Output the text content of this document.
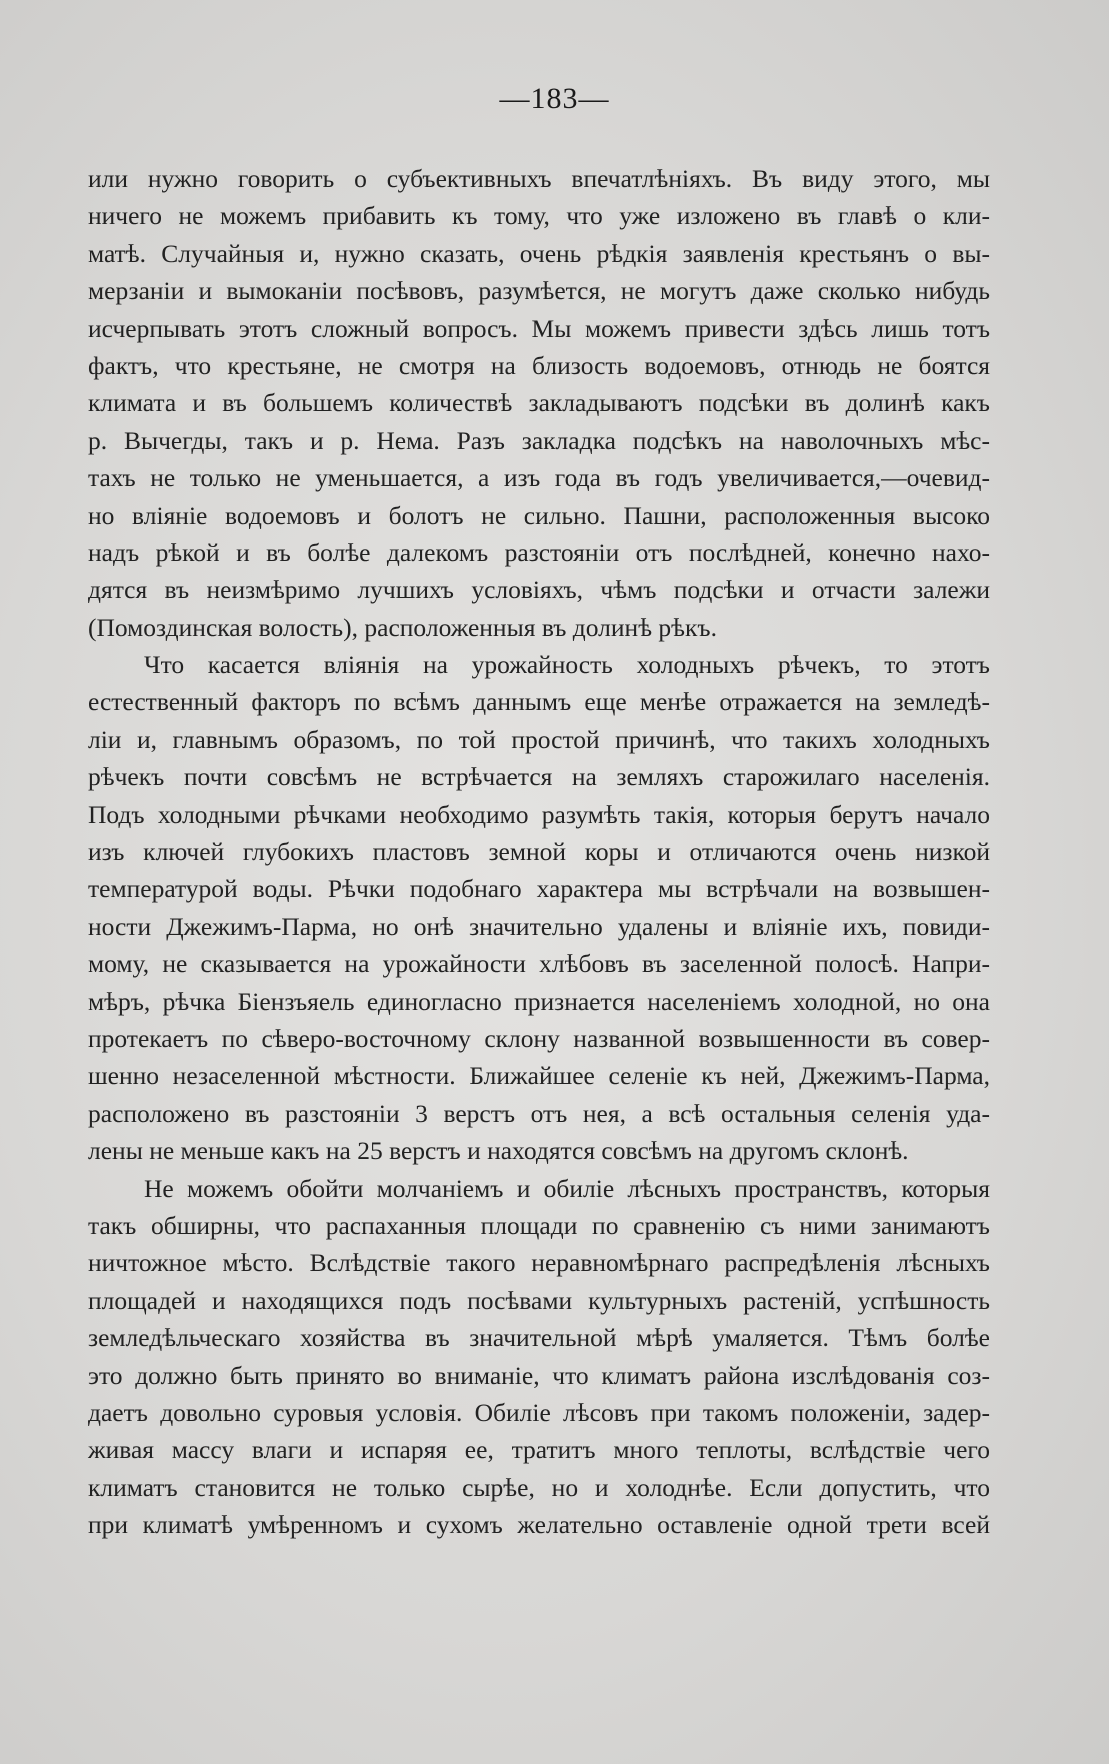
—183—
или нужно говорить о субъективныхъ впечатлѣніяхъ. Въ виду этого, мы
ничего не можемъ прибавить къ тому, что уже изложено въ главѣ о кли-
матѣ. Случайныя и, нужно сказать, очень рѣдкія заявленія крестьянъ о вы-
мерзаніи и вымоканіи посѣвовъ, разумѣется, не могутъ даже сколько нибудь
исчерпывать этотъ сложный вопросъ. Мы можемъ привести здѣсь лишь тотъ
фактъ, что крестьяне, не смотря на близость водоемовъ, отнюдь не боятся
климата и въ большемъ количествѣ закладываютъ подсѣки въ долинѣ какъ
р. Вычегды, такъ и р. Нема. Разъ закладка подсѣкъ на наволочныхъ мѣс-
тахъ не только не уменьшается, а изъ года въ годъ увеличивается,—очевид-
но вліяніе водоемовъ и болотъ не сильно. Пашни, расположенныя высоко
надъ рѣкой и въ болѣе далекомъ разстояніи отъ послѣдней, конечно нахо-
дятся въ неизмѣримо лучшихъ условіяхъ, чѣмъ подсѣки и отчасти залежи
(Помоздинская волость), расположенныя въ долинѣ рѣкъ.
Что касается вліянія на урожайность холодныхъ рѣчекъ, то этотъ
естественный факторъ по всѣмъ даннымъ еще менѣе отражается на земледѣ-
ліи и, главнымъ образомъ, по той простой причинѣ, что такихъ холодныхъ
рѣчекъ почти совсѣмъ не встрѣчается на земляхъ старожилаго населенія.
Подъ холодными рѣчками необходимо разумѣть такія, которыя берутъ начало
изъ ключей глубокихъ пластовъ земной коры и отличаются очень низкой
температурой воды. Рѣчки подобнаго характера мы встрѣчали на возвышен-
ности Джежимъ-Парма, но онѣ значительно удалены и вліяніе ихъ, повиди-
мому, не сказывается на урожайности хлѣбовъ въ заселенной полосѣ. Напри-
мѣръ, рѣчка Біензъяель единогласно признается населеніемъ холодной, но она
протекаетъ по сѣверо-восточному склону названной возвышенности въ совер-
шенно незаселенной мѣстности. Ближайшее селеніе къ ней, Джежимъ-Парма,
расположено въ разстояніи 3 верстъ отъ нея, а всѣ остальныя селенія уда-
лены не меньше какъ на 25 верстъ и находятся совсѣмъ на другомъ склонѣ.
Не можемъ обойти молчаніемъ и обиліе лѣсныхъ пространствъ, которыя
такъ обширны, что распаханныя площади по сравненію съ ними занимаютъ
ничтожное мѣсто. Вслѣдствіе такого неравномѣрнаго распредѣленія лѣсныхъ
площадей и находящихся подъ посѣвами культурныхъ растеній, успѣшность
земледѣльческаго хозяйства въ значительной мѣрѣ умаляется. Тѣмъ болѣе
это должно быть принято во вниманіе, что климатъ района изслѣдованія соз-
даетъ довольно суровыя условія. Обиліе лѣсовъ при такомъ положеніи, задер-
живая массу влаги и испаряя ее, тратитъ много теплоты, вслѣдствіе чего
климатъ становится не только сырѣе, но и холоднѣе. Если допустить, что
при климатѣ умѣренномъ и сухомъ желательно оставленіе одной трети всей
